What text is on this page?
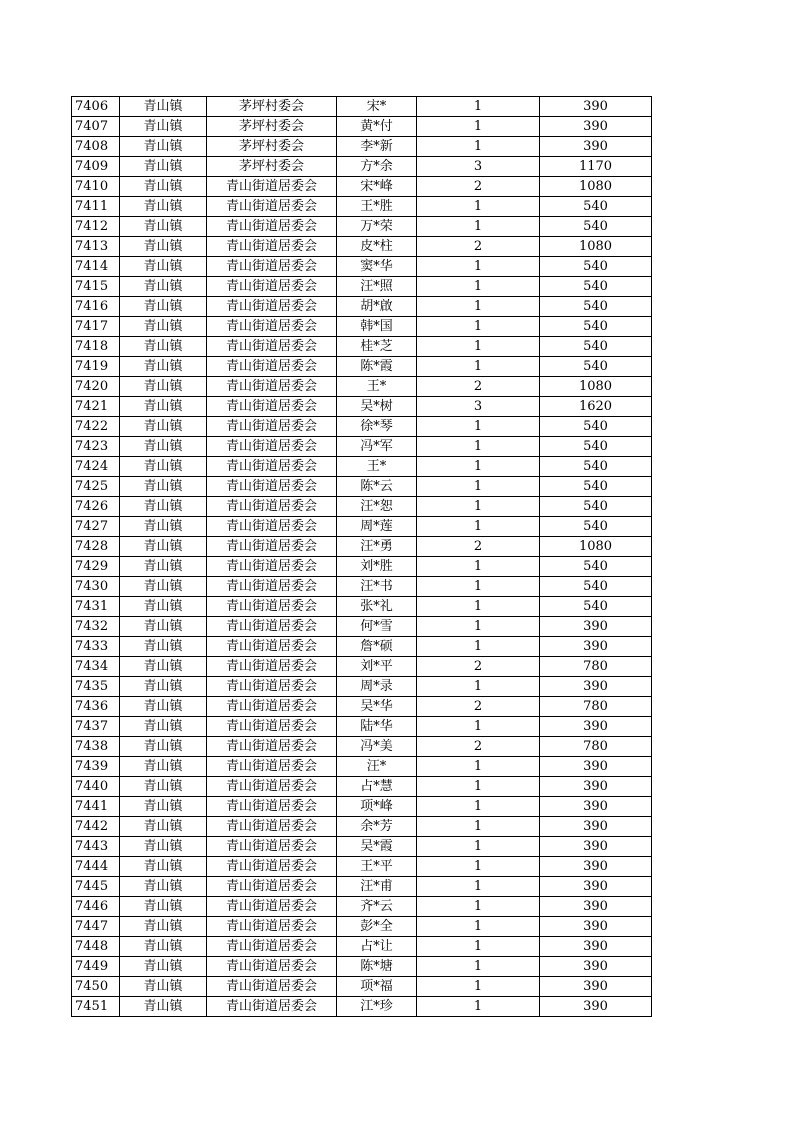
7406	青山镇	茅坪村委会	宋*	1	390
7407	青山镇	茅坪村委会	黄*付	1	390
7408	青山镇	茅坪村委会	李*新	1	390
7409	青山镇	茅坪村委会	方*余	3	1170
7410	青山镇	青山街道居委会	宋*峰	2	1080
7411	青山镇	青山街道居委会	王*胜	1	540
7412	青山镇	青山街道居委会	万*荣	1	540
7413	青山镇	青山街道居委会	皮*柱	2	1080
7414	青山镇	青山街道居委会	窦*华	1	540
7415	青山镇	青山街道居委会	汪*照	1	540
7416	青山镇	青山街道居委会	胡*啟	1	540
7417	青山镇	青山街道居委会	韩*国	1	540
7418	青山镇	青山街道居委会	桂*芝	1	540
7419	青山镇	青山街道居委会	陈*霞	1	540
7420	青山镇	青山街道居委会	王*	2	1080
7421	青山镇	青山街道居委会	吴*树	3	1620
7422	青山镇	青山街道居委会	徐*琴	1	540
7423	青山镇	青山街道居委会	冯*军	1	540
7424	青山镇	青山街道居委会	王*	1	540
7425	青山镇	青山街道居委会	陈*云	1	540
7426	青山镇	青山街道居委会	汪*恕	1	540
7427	青山镇	青山街道居委会	周*莲	1	540
7428	青山镇	青山街道居委会	汪*勇	2	1080
7429	青山镇	青山街道居委会	刘*胜	1	540
7430	青山镇	青山街道居委会	汪*书	1	540
7431	青山镇	青山街道居委会	张*礼	1	540
7432	青山镇	青山街道居委会	何*雪	1	390
7433	青山镇	青山街道居委会	詹*硕	1	390
7434	青山镇	青山街道居委会	刘*平	2	780
7435	青山镇	青山街道居委会	周*录	1	390
7436	青山镇	青山街道居委会	吴*华	2	780
7437	青山镇	青山街道居委会	陆*华	1	390
7438	青山镇	青山街道居委会	冯*美	2	780
7439	青山镇	青山街道居委会	汪*	1	390
7440	青山镇	青山街道居委会	占*慧	1	390
7441	青山镇	青山街道居委会	项*峰	1	390
7442	青山镇	青山街道居委会	余*芳	1	390
7443	青山镇	青山街道居委会	吴*霞	1	390
7444	青山镇	青山街道居委会	王*平	1	390
7445	青山镇	青山街道居委会	汪*甫	1	390
7446	青山镇	青山街道居委会	齐*云	1	390
7447	青山镇	青山街道居委会	彭*全	1	390
7448	青山镇	青山街道居委会	占*让	1	390
7449	青山镇	青山街道居委会	陈*塘	1	390
7450	青山镇	青山街道居委会	项*福	1	390
7451	青山镇	青山街道居委会	江*珍	1	390
